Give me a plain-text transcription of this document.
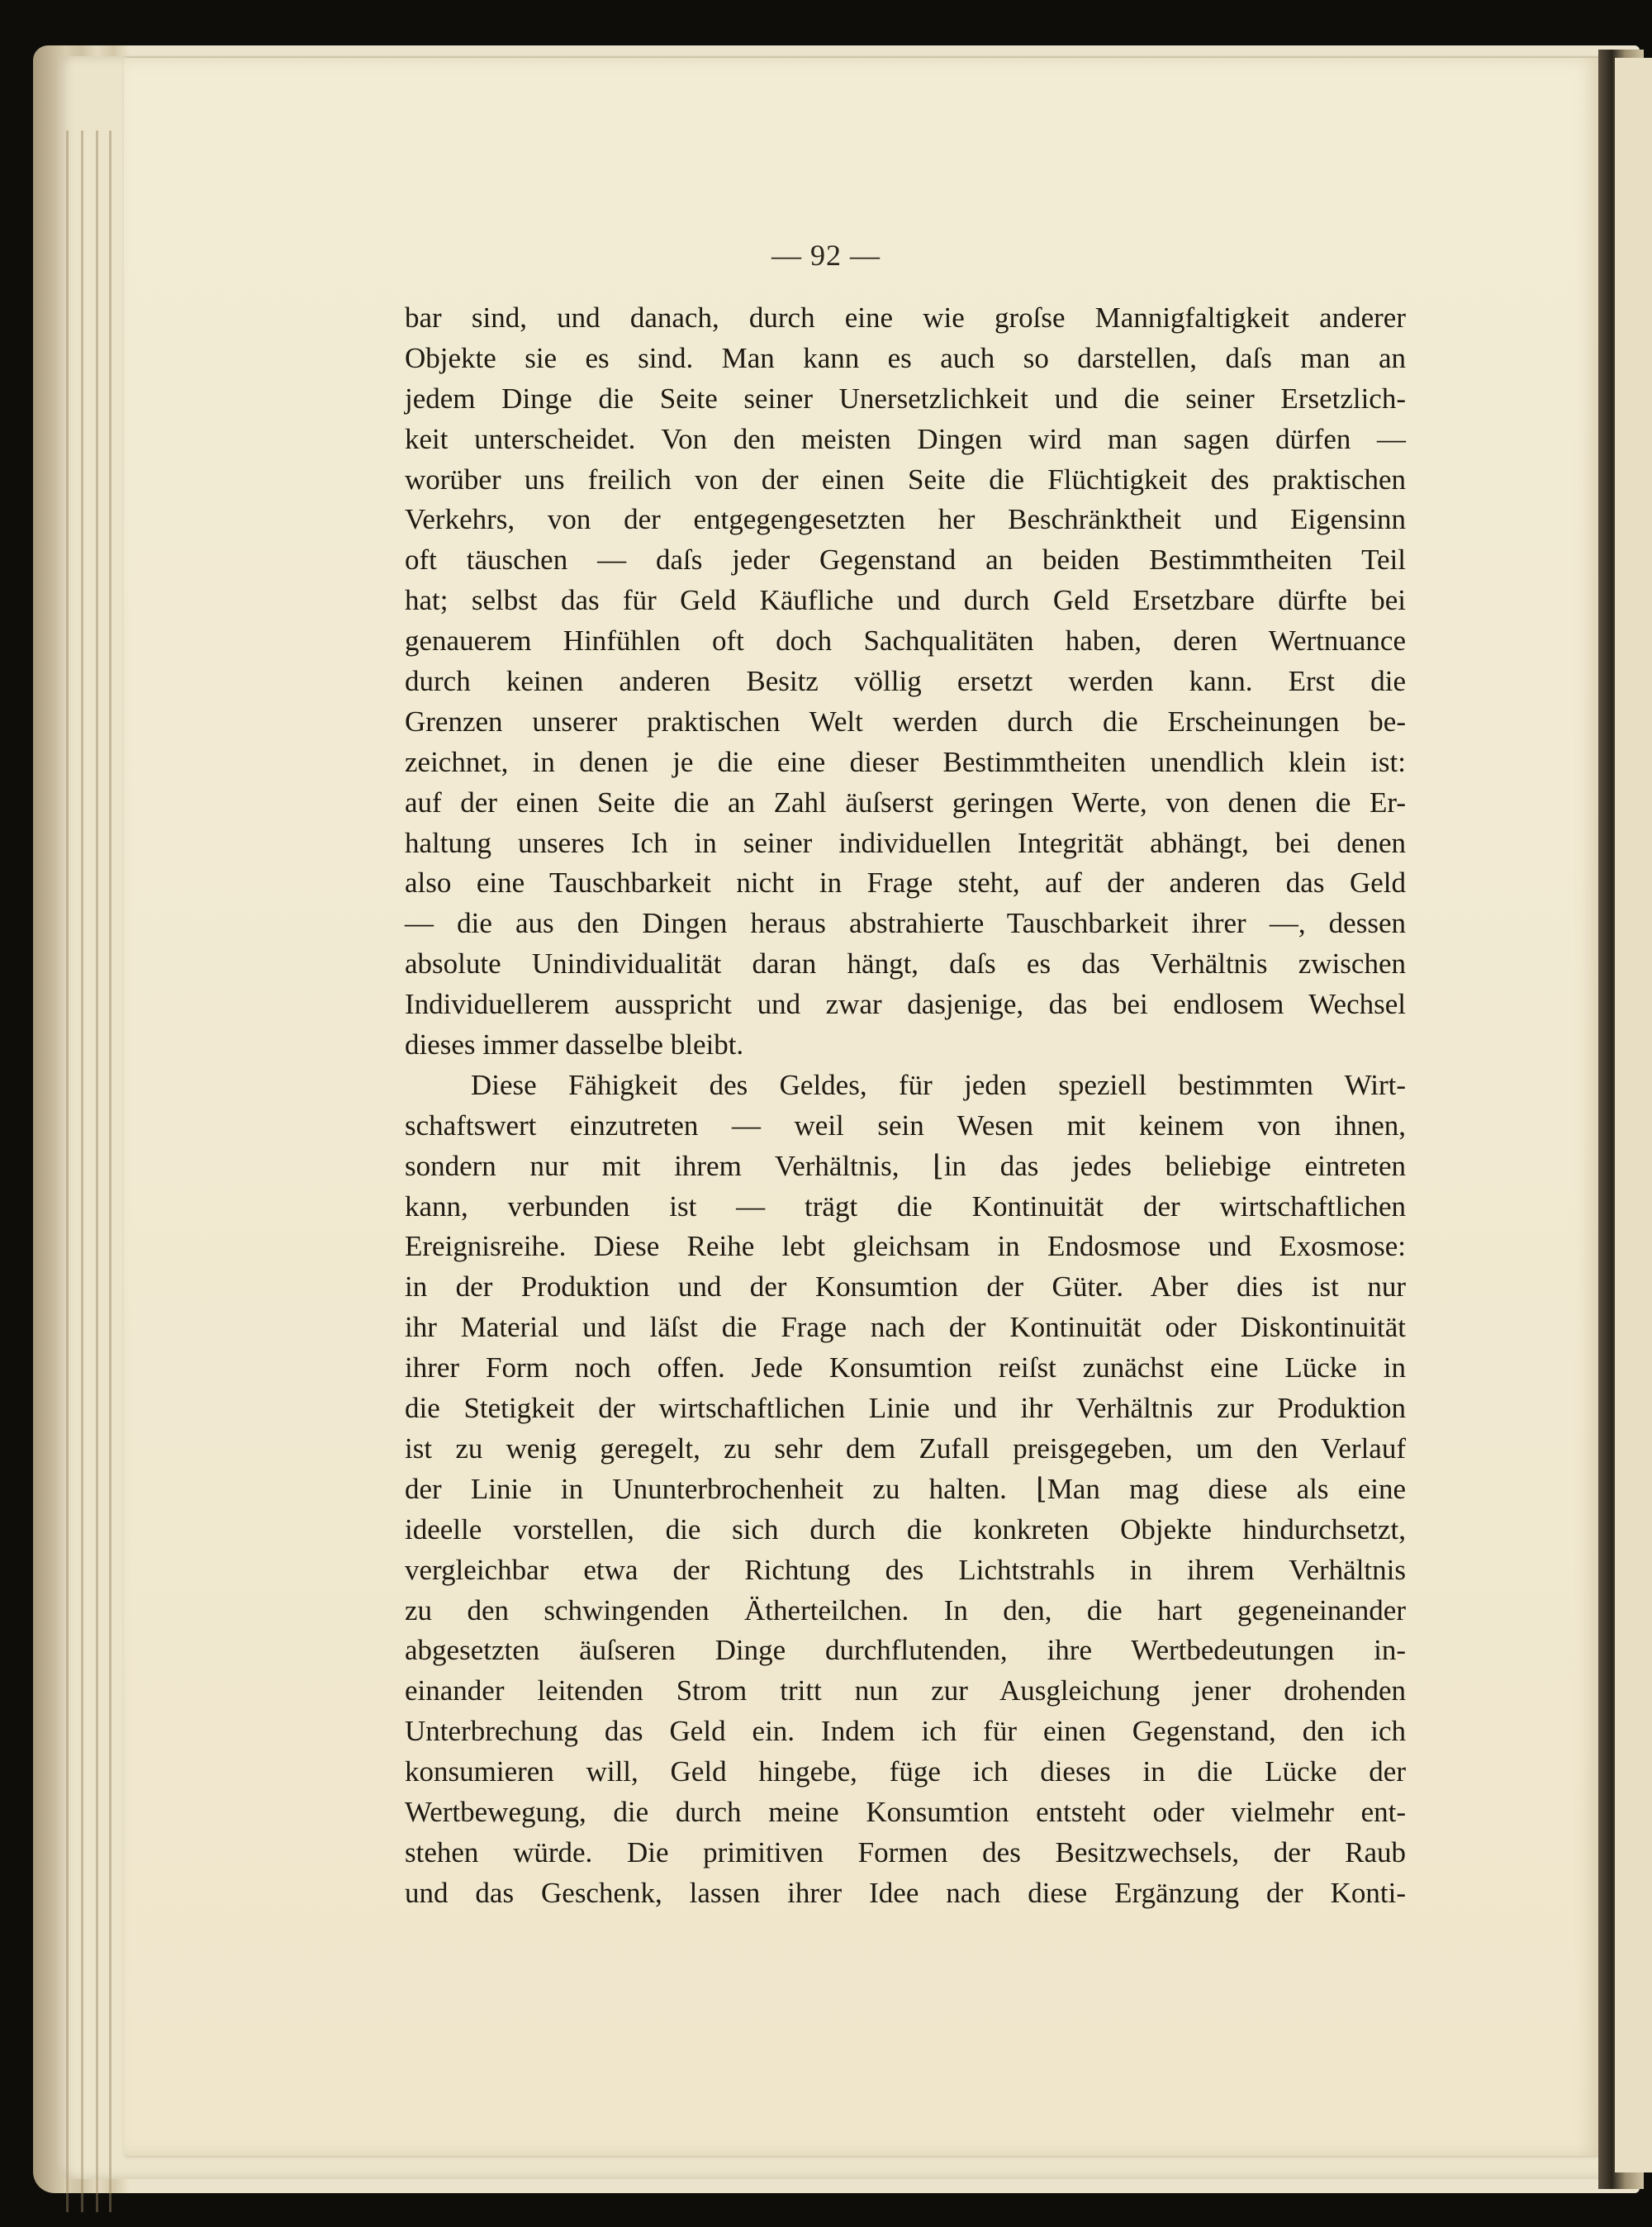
— 92 —
bar sind, und danach, durch eine wie groſse Mannigfaltigkeit anderer
Objekte sie es sind. Man kann es auch so darstellen, daſs man an
jedem Dinge die Seite seiner Unersetzlichkeit und die seiner Ersetzlich-
keit unterscheidet. Von den meisten Dingen wird man sagen dürfen —
worüber uns freilich von der einen Seite die Flüchtigkeit des praktischen
Verkehrs, von der entgegengesetzten her Beschränktheit und Eigensinn
oft täuschen — daſs jeder Gegenstand an beiden Bestimmtheiten Teil
hat; selbst das für Geld Käufliche und durch Geld Ersetzbare dürfte bei
genauerem Hinfühlen oft doch Sachqualitäten haben, deren Wertnuance
durch keinen anderen Besitz völlig ersetzt werden kann. Erst die
Grenzen unserer praktischen Welt werden durch die Erscheinungen be-
zeichnet, in denen je die eine dieser Bestimmtheiten unendlich klein ist:
auf der einen Seite die an Zahl äuſserst geringen Werte, von denen die Er-
haltung unseres Ich in seiner individuellen Integrität abhängt, bei denen
also eine Tauschbarkeit nicht in Frage steht, auf der anderen das Geld
— die aus den Dingen heraus abstrahierte Tauschbarkeit ihrer —, dessen
absolute Unindividualität daran hängt, daſs es das Verhältnis zwischen
Individuellerem ausspricht und zwar dasjenige, das bei endlosem Wechsel
dieses immer dasselbe bleibt.
Diese Fähigkeit des Geldes, für jeden speziell bestimmten Wirt-
schaftswert einzutreten — weil sein Wesen mit keinem von ihnen,
sondern nur mit ihrem Verhältnis, ⌊in das jedes beliebige eintreten
kann, verbunden ist — trägt die Kontinuität der wirtschaftlichen
Ereignisreihe. Diese Reihe lebt gleichsam in Endosmose und Exosmose:
in der Produktion und der Konsumtion der Güter. Aber dies ist nur
ihr Material und läſst die Frage nach der Kontinuität oder Diskontinuität
ihrer Form noch offen. Jede Konsumtion reiſst zunächst eine Lücke in
die Stetigkeit der wirtschaftlichen Linie und ihr Verhältnis zur Produktion
ist zu wenig geregelt, zu sehr dem Zufall preisgegeben, um den Verlauf
der Linie in Ununterbrochenheit zu halten. ⌊Man mag diese als eine
ideelle vorstellen, die sich durch die konkreten Objekte hindurchsetzt,
vergleichbar etwa der Richtung des Lichtstrahls in ihrem Verhältnis
zu den schwingenden Ätherteilchen. In den, die hart gegeneinander
abgesetzten äuſseren Dinge durchflutenden, ihre Wertbedeutungen in-
einander leitenden Strom tritt nun zur Ausgleichung jener drohenden
Unterbrechung das Geld ein. Indem ich für einen Gegenstand, den ich
konsumieren will, Geld hingebe, füge ich dieses in die Lücke der
Wertbewegung, die durch meine Konsumtion entsteht oder vielmehr ent-
stehen würde. Die primitiven Formen des Besitzwechsels, der Raub
und das Geschenk, lassen ihrer Idee nach diese Ergänzung der Konti-
